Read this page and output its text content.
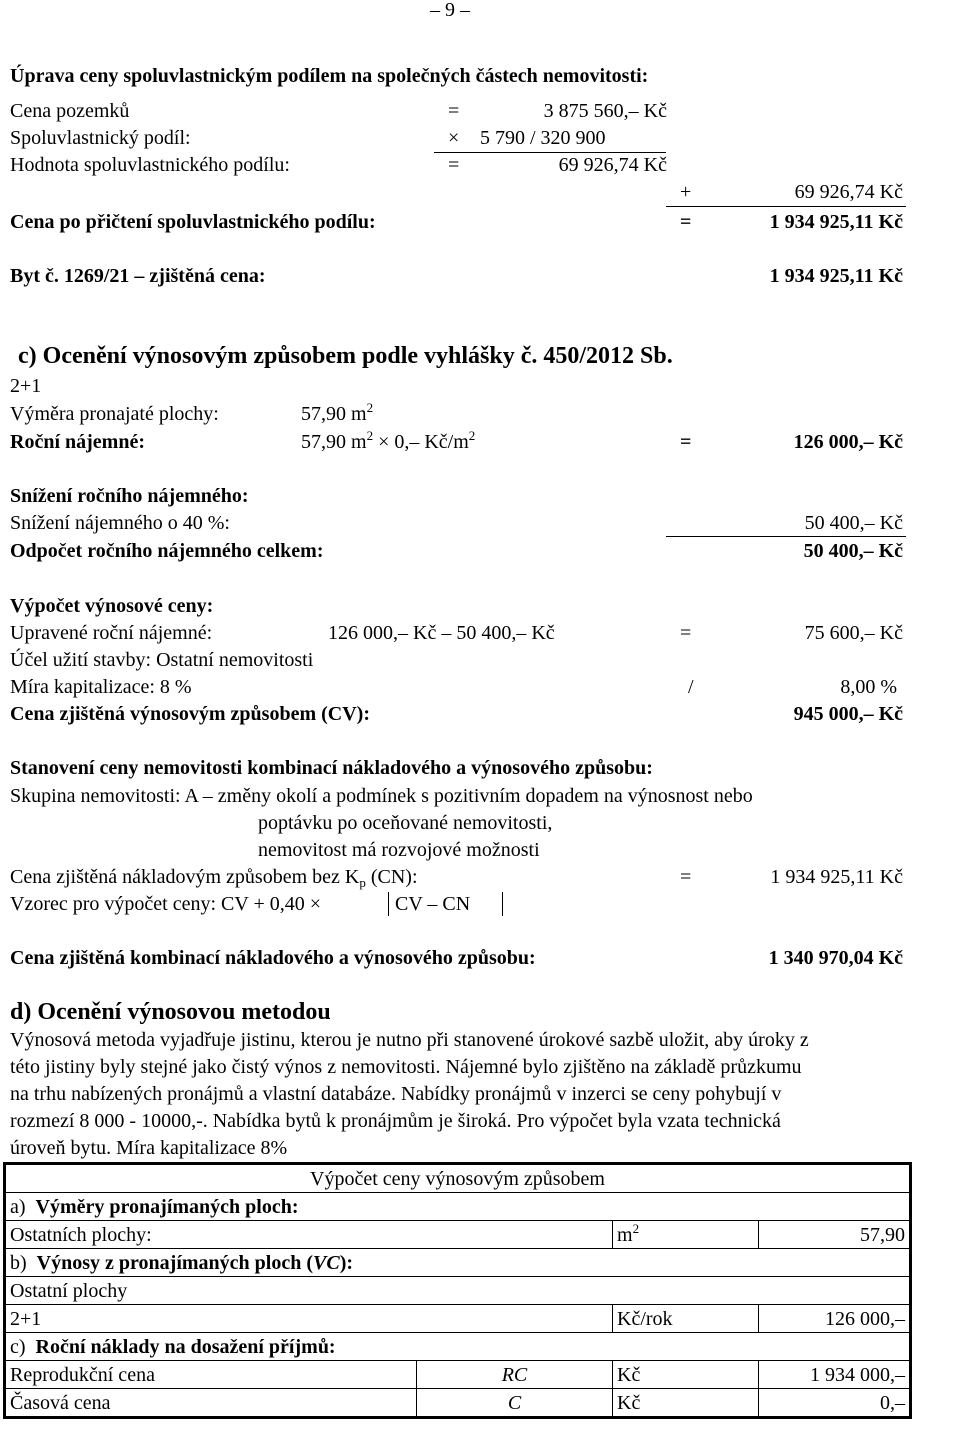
– 9 –
Úprava ceny spoluvlastnickým podílem na společných částech nemovitosti:
Cena pozemků	=	3 875 560,– Kč
Spoluvlastnický podíl:	× 5 790 / 320 900
Hodnota spoluvlastnického podílu:	=	69 926,74 Kč
+	69 926,74 Kč
Cena po přičtení spoluvlastnického podílu:	=	1 934 925,11 Kč
Byt č. 1269/21 – zjištěná cena:	1 934 925,11 Kč
c) Ocenění výnosovým způsobem podle vyhlášky č. 450/2012 Sb.
2+1
Výměra pronajaté plochy:	57,90 $m^2$
Roční nájemné:	57,90 $m^2 \times 0,-$ $Kč/m^2$	=	126 000,– Kč
Snížení ročního nájemného:
Snížení nájemného o 40 %:	50 400,– Kč
Odpočet ročního nájemného celkem:	50 400,– Kč
Výpočet výnosové ceny:
Upravené roční nájemné:	126 000,– Kč – 50 400,– Kč	=	75 600,– Kč
Účel užití stavby: Ostatní nemovitosti
Míra kapitalizace: 8 %	/	8,00 %
Cena zjištěná výnosovým způsobem (CV):	945 000,– Kč
Stanovení ceny nemovitosti kombinací nákladového a výnosového způsobu:
Skupina nemovitosti: A – změny okolí a podmínek s pozitivním dopadem na výnosnost nebo
poptávku po oceňované nemovitosti,
nemovitost má rozvojové možnosti
Cena zjištěná nákladovým způsobem bez $K_p$ (CN):	=	1 934 925,11 Kč
Vzorec pro výpočet ceny: CV + 0,40 ×	CV – CN
Cena zjištěná kombinací nákladového a výnosového způsobu:	1 340 970,04 Kč
d) Ocenění výnosovou metodou
Výnosová metoda vyjadřuje jistinu, kterou je nutno při stanovené úrokové sazbě uložit, aby úroky z
této jistiny byly stejné jako čistý výnos z nemovitosti. Nájemné bylo zjištěno na základě průzkumu
na trhu nabízených pronájmů a vlastní databáze. Nabídky pronájmů v inzerci se ceny pohybují v
rozmezí 8 000 - 10000,-. Nabídka bytů k pronájmům je široká. Pro výpočet byla vzata technická
úroveň bytu. Míra kapitalizace 8%
Výpočet ceny výnosovým způsobem			
a) Výměry pronajímaných ploch:			
Ostatních plochy:		$m^2$	57,90
b) Výnosy z pronajímaných ploch (VC):			
Ostatní plochy			
2+1		Kč/rok	126 000,–
c) Roční náklady na dosažení příjmů:			
Reprodukční cena	RC	Kč	1 934 000,–
Časová cena	C	Kč	0,–
